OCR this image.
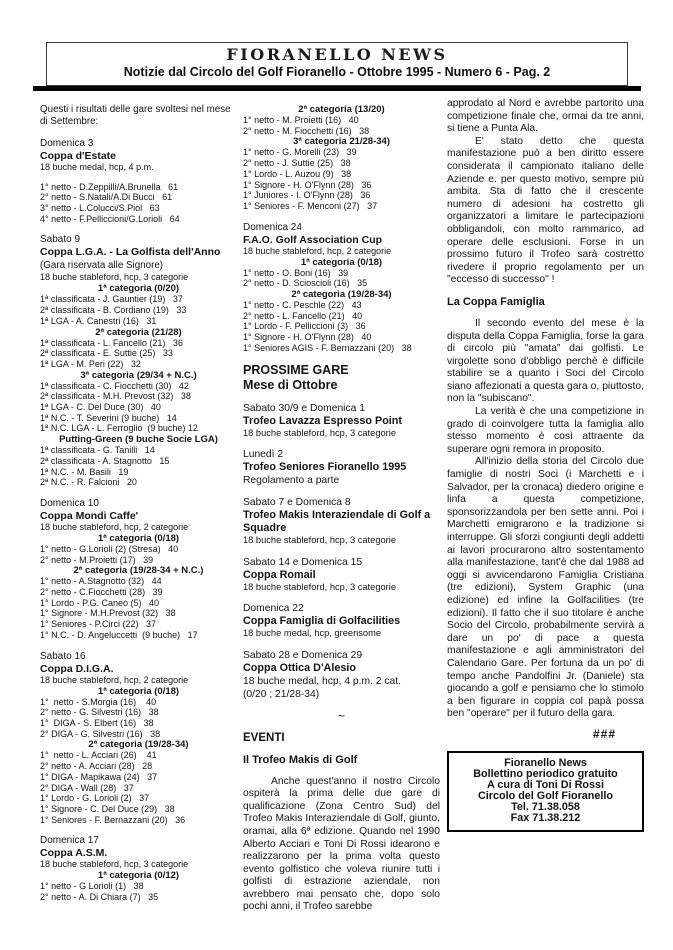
FIORANELLO NEWS
Notizie dal Circolo del Golf Fioranello - Ottobre 1995 - Numero 6 - Pag. 2
Questi i risultati delle gare svoltesi nel mese di Settembre:
Domenica 3
Coppa d'Estate
18 buche medal, hcp, 4 p.m.
1° netto - D.Zeppilli/A.Brunella   61
2° netto - S.Natali/A.Di Bucci   61
3° netto - L.Colucci/S.Piol   63
4° netto - F.Pelliccioni/G.Lorioli   64
Sabato 9
Coppa L.G.A. - La Golfista dell'Anno (Gara riservata alle Signore)
18 buche stableford, hcp, 3 categorie
1ª categoria (0/20)
1ª classificata - J. Gauntier (19)   37
2ª classificata - B. Cordiano (19)   33
1ª LGA - A. Canestri (16)   31
2ª categoria (21/28)
1ª classificata - L. Fancello (21)   36
2ª classificata - E. Suttie (25)   33
1ª LGA - M. Peri (22)   32
3ª categoria (29/34 + N.C.)
1ª classificata - C. Fiocchetti (30)   42
2ª classificata - M.H. Prevost (32)   38
1ª LGA - C. Del Duce (30)   40
1ª N.C. - T. Severini (9 buche)   14
1ª N.C. LGA - L. Ferroglio  (9 buche) 12
Putting-Green (9 buche Socie LGA)
1ª classificata - G. Tanilli   14
2ª classificata - A. Stagnotto   15
1ª N.C. - M. Basili   19
2ª N.C. - R. Falcioni   20
Domenica 10
Coppa Mondi Caffe'
18 buche stableford, hcp, 2 categorie
1ª categoria (0/18)
1° netto - G.Lorioli (2) (Stresa)   40
2° netto - M.Proietti (17)   39
2ª categoria (19/28-34 + N.C.)
1° netto - A.Stagnotto (32)   44
2° netto - C.Fiocchetti (28)   39
1° Lordo - P.G. Caneo (5)   40
1° Signore - M.H.Prevost (32)   38
1° Seniores - P.Circi (22)   37
1° N.C. - D. Angeluccetti  (9 buche)   17
Sabato 16
Coppa D.I.G.A.
18 buche stableford, hcp, 2 categorie
1ª categoria (0/18)
1°  netto - S.Morgia (16)    40
2° netto - G. Silvestri (16)   38
1°  DIGA - S. Elbert (16)   38
2° DIGA - G. Silvestri (16)   38
2ª categoria (19/28-34)
1°  netto - L. Acciari (26)    41
2° netto - A. Acciari (28)   28
1° DIGA - Mapikawa (24)   37
2° DIGA - Wall (28)   37
1° Lordo - G. Lorioli (2)   37
1° Signore - C. Del Duce (29)   38
1° Seniores - F. Bernazzani (20)   36
Domenica 17
Coppa A.S.M.
18 buche stableford, hcp, 3 categorie
1ª categoria (0/12)
1° netto - G Lorioli (1)   38
2° netto - A. Di Chiara (7)   35
2ª categoria (13/20)
1° netto - M. Proietti (16)   40
2° netto - M. Fiocchetti (16)   38
3ª categoria 21/28-34)
1° netto - G. Morelli (23)   39
2° netto - J. Suttie (25)   38
1° Lordo - L. Auzou (9)   38
1° Signore - H. O'Flynn (28)   36
1° Juniores - I. O'Flynn (28)   36
1° Seniores - F. Menconi (27)   37
Domenica 24
F.A.O. Golf Association Cup
18 buche stableford, hcp, 2 categorie
1ª categoria (0/18)
1° netto - O. Boni (16)   39
2° netto - D. Scioscioli (16)   35
2ª categoria (19/28-34)
1° netto - C. Peschle (22)   43
2° netto - L. Fancello (21)   40
1° Lordo - F. Pelliccioni (3)   36
1° Signore - H. O'Flynn (28)   40
1° Seniores AGIS - F. Bernazzani (20)   38
PROSSIME GARE
Mese di Ottobre
Sabato 30/9 e Domenica 1
Trofeo Lavazza Espresso Point
18 buche stableford, hcp, 3 categorie
Lunedì 2
Trofeo Seniores Fioranello 1995
Regolamento a parte
Sabato 7 e Domenica 8
Trofeo Makis Interaziendale di Golf a Squadre
18 buche stableford, hcp, 3 categorie
Sabato 14 e Domenica 15
Coppa Romail
18 buche stableford, hcp, 3 categorie
Domenica 22
Coppa Famiglia di Golfacilities
18 buche medal, hcp, greensome
Sabato 28 e Domenica 29
Coppa Ottica D'Alesio
18 buche medal, hcp, 4 p.m. 2 cat.
(0/20 ; 21/28-34)
~
EVENTI
Il Trofeo Makis di Golf
Anche quest'anno il nostro Circolo ospiterà la prima delle due gare di qualificazione (Zona Centro Sud) del Trofeo Makis Interaziendale di Golf, giunto, oramai, alla 6ª edizione. Quando nel 1990 Alberto Acciari e Toni Di Rossi idearono e realizzarono per la prima volta questo evento golfistico che voleva riunire tutti i golfisti di estrazione aziendale, non avrebbero mai pensato che, dopo solo pochi anni, il Trofeo sarebbe
approdato al Nord e avrebbe partorito una competizione finale che, ormai da tre anni, si tiene a Punta Ala.
E' stato detto che questa manifestazione può a ben diritto essere considerata il campionato italiano delle Aziende e. per questo motivo, sempre più ambita. Sta di fatto che il crescente numero di adesioni ha costretto gli organizzatori a limitare le partecipazioni obbligandoli, con molto rammarico, ad operare delle esclusioni. Forse in un prossimo futuro il Trofeo sarà costretto rivedere il proprio regolamento per un "eccesso di successo" !
La Coppa Famiglia
Il secondo evento del mese è la disputa della Coppa Famiglia, forse la gara di circolo più "amata" dai golfisti. Le virgolette sono d'obbligo perchè è difficile stabilire se a quanto i Soci del Circolo siano affezionati a questa gara o, piuttosto, non la "subiscano".
La verità è che una competizione in grado di coinvolgere tutta la famiglia allo stesso momento è così attraente da superare ogni remora in proposito.
All'inizio della storia del Circolo due famiglie di nostri Soci (i Marchetti e i Salvador, per la cronaca) diedero origine e linfa a questa competizione, sponsorizzandola per ben sette anni. Poi i Marchetti emigrarono e la tradizione si interruppe. Gli sforzi congiunti degli addetti ai lavori procurarono altro sostentamento alla manifestazione, tant'è che dal 1988 ad oggi si avvicendarono Famiglia Cristiana (tre edizioni), System Graphic (una edizione) ed infine la Golfacilities (tre edizioni). Il fatto che il suo titolare è anche Socio del Circolo, probabilmente servirà a dare un po' di pace a questa manifestazione e agli amministratori del Calendario Gare. Per fortuna da un po' di tempo anche Pandolfini Jr. (Daniele) sta giocando a golf e pensiamo che lo stimolo a ben figurare in coppia col papà possa ben "operare" per il futuro della gara.
###
Fioranello News
Bollettino periodico gratuito
A cura di Toni Di Rossi
Circolo del Golf Fioranello
Tel. 71.38.058
Fax 71.38.212
